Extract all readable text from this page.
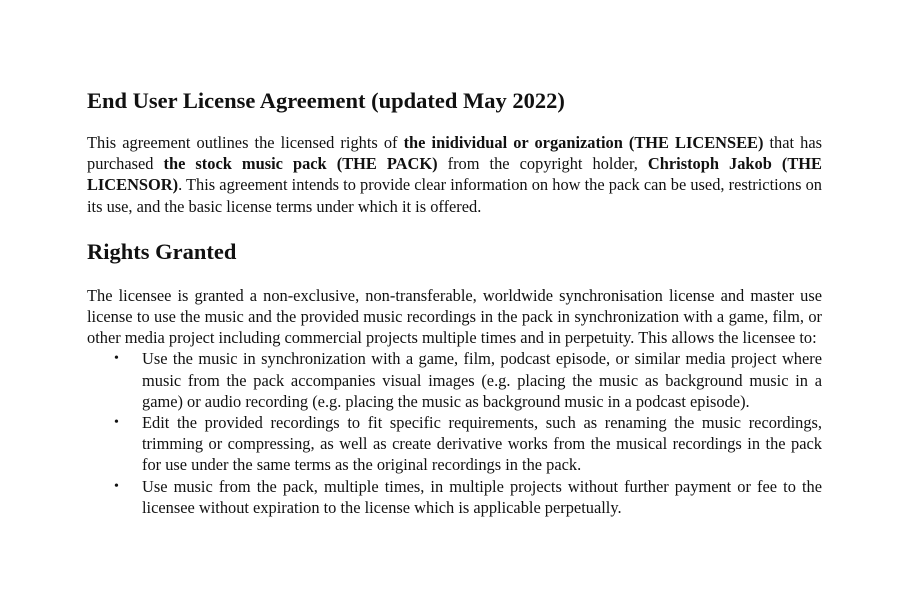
End User License Agreement (updated May 2022)

This agreement outlines the licensed rights of the inidividual or organization (THE LICENSEE) that has purchased the stock music pack (THE PACK) from the copyright holder, Christoph Jakob (THE LICENSOR). This agreement intends to provide clear information on how the pack can be used, restrictions on its use, and the basic license terms under which it is offered.

Rights Granted

The licensee is granted a non-exclusive, non-transferable, worldwide synchronisation license and master use license to use the music and the provided music recordings in the pack in synchronization with a game, film, or other media project including commercial projects multiple times and in perpetuity. This allows the licensee to:

• Use the music in synchronization with a game, film, podcast episode, or similar media project where music from the pack accompanies visual images (e.g. placing the music as background music in a game) or audio recording (e.g. placing the music as background music in a podcast episode).
• Edit the provided recordings to fit specific requirements, such as renaming the music recordings, trimming or compressing, as well as create derivative works from the musical recordings in the pack for use under the same terms as the original recordings in the pack.
• Use music from the pack, multiple times, in multiple projects without further payment or fee to the licensee without expiration to the license which is applicable perpetually.
